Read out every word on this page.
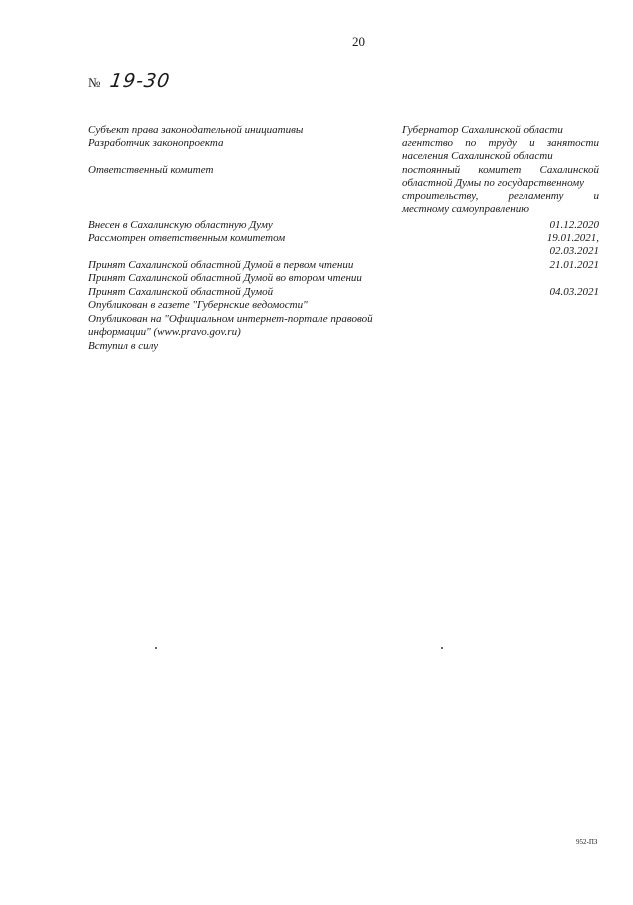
20
№ 19-30
Субъект права законодательной инициативы
Разработчик законопроекта
Ответственный комитет
Губернатор Сахалинской области
агентство по труду и занятости
населения Сахалинской области
постоянный комитет Сахалинской
областной Думы по государственному
строительству, регламенту и
местному самоуправлению
Внесен в Сахалинскую областную Думу
Рассмотрен ответственным комитетом
Принят Сахалинской областной Думой в первом чтении
Принят Сахалинской областной Думой во втором чтении
Принят Сахалинской областной Думой
Опубликован в газете "Губернские ведомости"
Опубликован на "Официальном интернет-портале правовой
информации" (www.pravo.gov.ru)
Вступил в силу
01.12.2020
19.01.2021,
02.03.2021
21.01.2021
04.03.2021
952-ПЗ
